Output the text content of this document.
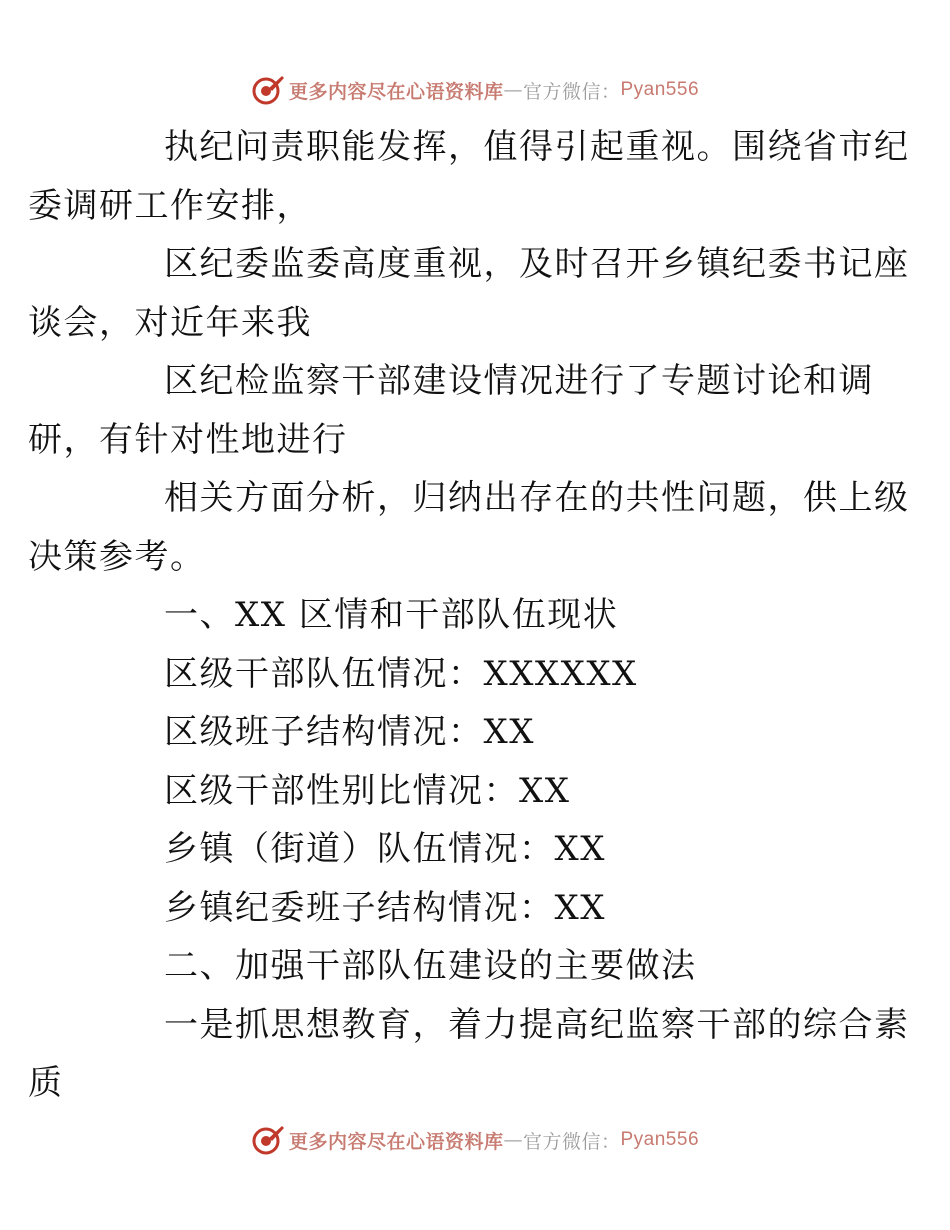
更多内容尽在心语资料库 — 官方微信： Pyan556

执纪问责职能发挥，值得引起重视。围绕省市纪
委调研工作安排，

区纪委监委高度重视，及时召开乡镇纪委书记座
谈会，对近年来我

区纪检监察干部建设情况进行了专题讨论和调
研，有针对性地进行

相关方面分析，归纳出存在的共性问题，供上级
决策参考。

一、XX 区情和干部队伍现状

区级干部队伍情况：XXXXXX

区级班子结构情况：XX

区级干部性别比情况：XX

乡镇（街道）队伍情况：XX

乡镇纪委班子结构情况：XX

二、加强干部队伍建设的主要做法

一是抓思想教育，着力提高纪监察干部的综合素
质

更多内容尽在心语资料库 — 官方微信： Pyan556
